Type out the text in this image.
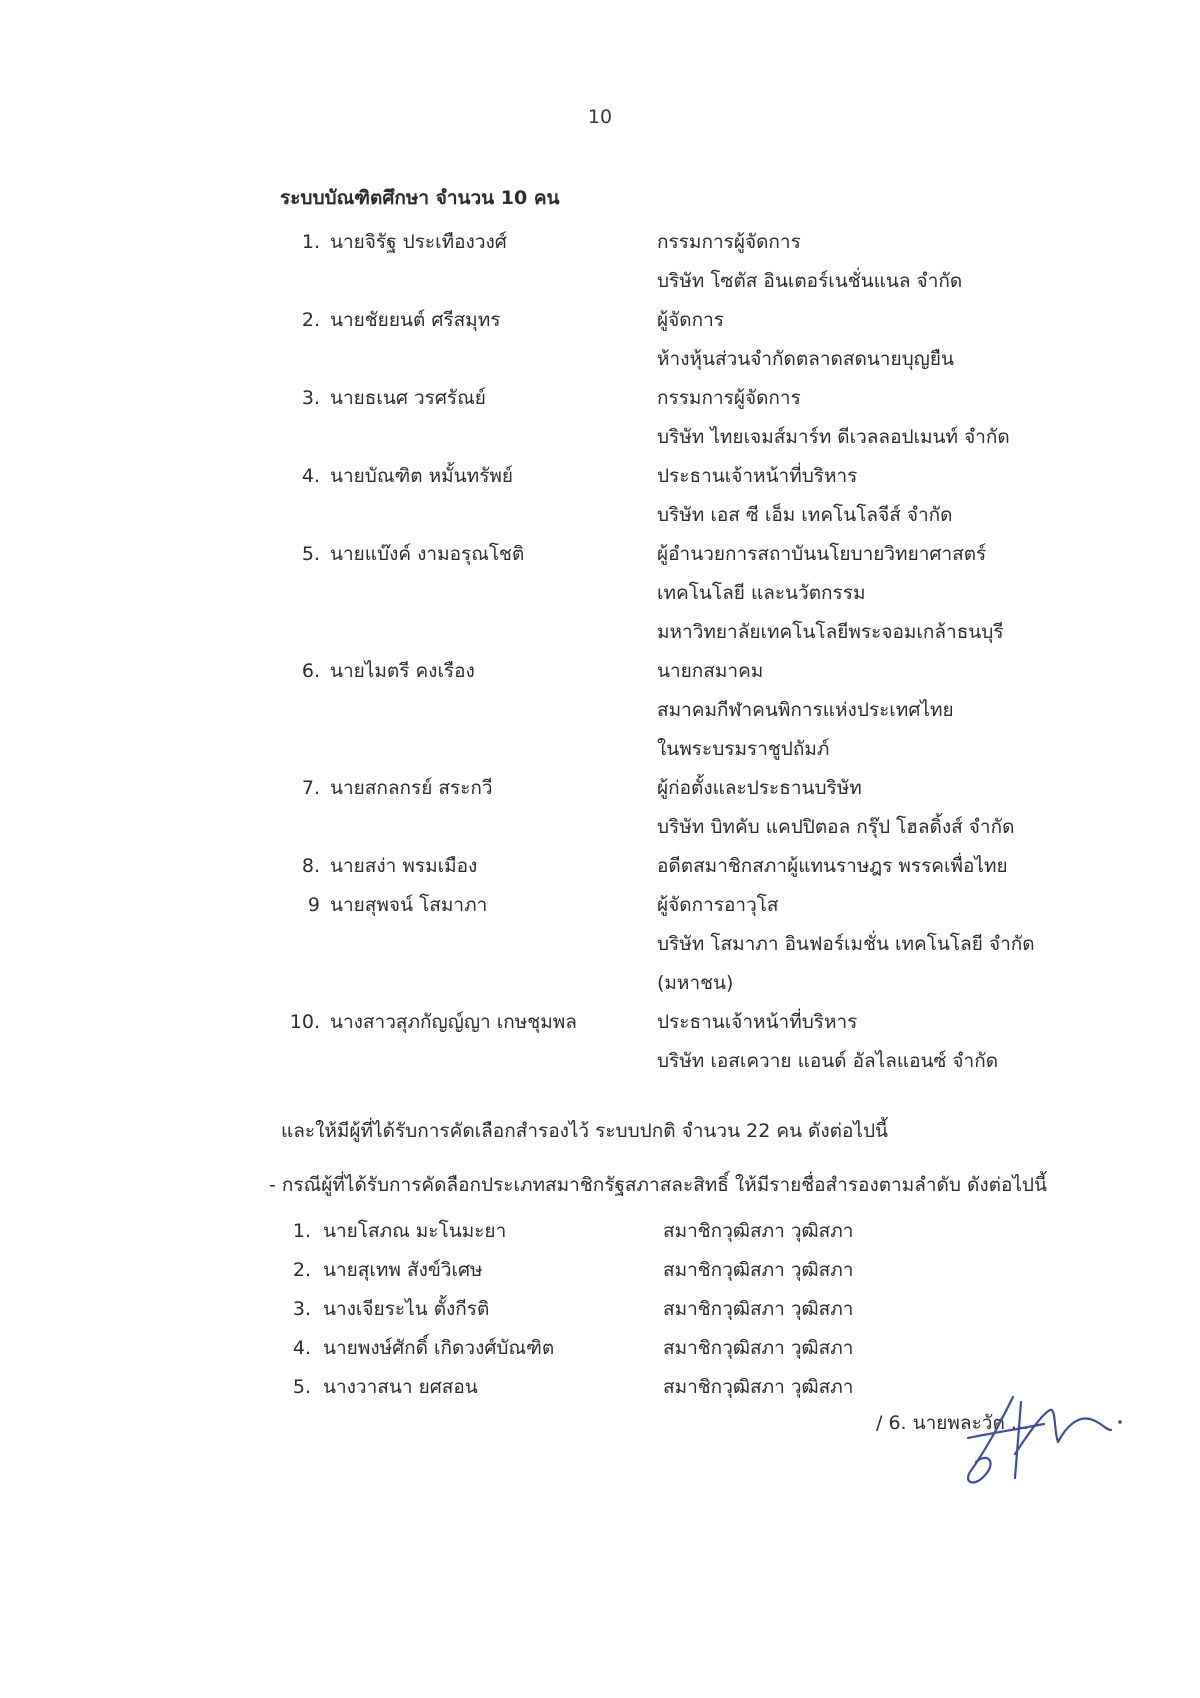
10
ระบบบัณฑิตศึกษา จำนวน 10 คน
1. นายจิรัฐ ประเทืองวงศ์	กรรมการผู้จัดการ
บริษัท โซตัส อินเตอร์เนชั่นแนล จำกัด
2. นายชัยยนต์ ศรีสมุทร	ผู้จัดการ
ห้างหุ้นส่วนจำกัดตลาดสดนายบุญยืน
3. นายธเนศ วรศรัณย์	กรรมการผู้จัดการ
บริษัท ไทยเจมส์มาร์ท ดีเวลลอปเมนท์ จำกัด
4. นายบัณฑิต หมั้นทรัพย์	ประธานเจ้าหน้าที่บริหาร
บริษัท เอส ซี เอ็ม เทคโนโลจีส์ จำกัด
5. นายแบ๊งค์ งามอรุณโชติ	ผู้อำนวยการสถาบันนโยบายวิทยาศาสตร์
เทคโนโลยี และนวัตกรรม
มหาวิทยาลัยเทคโนโลยีพระจอมเกล้าธนบุรี
6. นายไมตรี คงเรือง	นายกสมาคม
สมาคมกีฬาคนพิการแห่งประเทศไทย
ในพระบรมราชูปถัมภ์
7. นายสกลกรย์ สระกวี	ผู้ก่อตั้งและประธานบริษัท
บริษัท บิทคับ แคปปิตอล กรุ๊ป โฮลดิ้งส์ จำกัด
8. นายสง่า พรมเมือง	อดีตสมาชิกสภาผู้แทนราษฎร พรรคเพื่อไทย
9 นายสุพจน์ โสมาภา	ผู้จัดการอาวุโส
บริษัท โสมาภา อินฟอร์เมชั่น เทคโนโลยี จำกัด
(มหาชน)
10. นางสาวสุภกัญญ์ญา เกษชุมพล	ประธานเจ้าหน้าที่บริหาร
บริษัท เอสเควาย แอนด์ อัลไลแอนซ์ จำกัด
และให้มีผู้ที่ได้รับการคัดเลือกสำรองไว้ ระบบปกติ จำนวน 22 คน ดังต่อไปนี้
- กรณีผู้ที่ได้รับการคัดลือกประเภทสมาชิกรัฐสภาสละสิทธิ์ ให้มีรายชื่อสำรองตามลำดับ ดังต่อไปนี้
1. นายโสภณ มะโนมะยา	สมาชิกวุฒิสภา วุฒิสภา
2. นายสุเทพ สังข์วิเศษ	สมาชิกวุฒิสภา วุฒิสภา
3. นางเจียระไน ตั้งกีรติ	สมาชิกวุฒิสภา วุฒิสภา
4. นายพงษ์ศักดิ์ เกิดวงศ์บัณฑิต	สมาชิกวุฒิสภา วุฒิสภา
5. นางวาสนา ยศสอน	สมาชิกวุฒิสภา วุฒิสภา
/ 6. นายพละวัต ...
